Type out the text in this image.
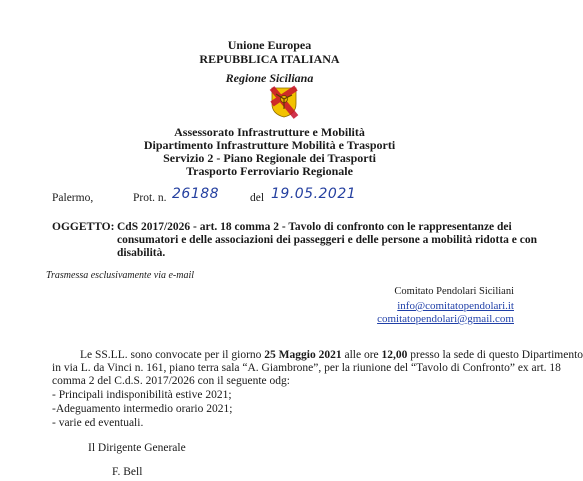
Unione Europea
REPUBBLICA ITALIANA
Regione Siciliana
Assessorato Infrastrutture e Mobilità
Dipartimento Infrastrutture Mobilità e Trasporti
Servizio 2 - Piano Regionale dei Trasporti
Trasporto Ferroviario Regionale
Palermo,	Prot. n. 26188	del 19.05.2021
OGGETTO: CdS 2017/2026 - art. 18 comma 2 - Tavolo di confronto con le rappresentanze dei
consumatori e delle associazioni dei passeggeri e delle persone a mobilità ridotta e con
disabilità.
Trasmessa esclusivamente via e-mail
Comitato Pendolari Siciliani
info@comitatopendolari.it
comitatopendolari@gmail.com
Le SS.LL. sono convocate per il giorno 25 Maggio 2021 alle ore 12,00 presso la sede di questo Dipartimento
in via L. da Vinci n. 161, piano terra sala “A. Giambrone”, per la riunione del “Tavolo di Confronto” ex art. 18
comma 2 del C.d.S. 2017/2026 con il seguente odg:
- Principali indisponibilità estive 2021;
-Adeguamento intermedio orario 2021;
- varie ed eventuali.
Il Dirigente Generale
F. Bell
